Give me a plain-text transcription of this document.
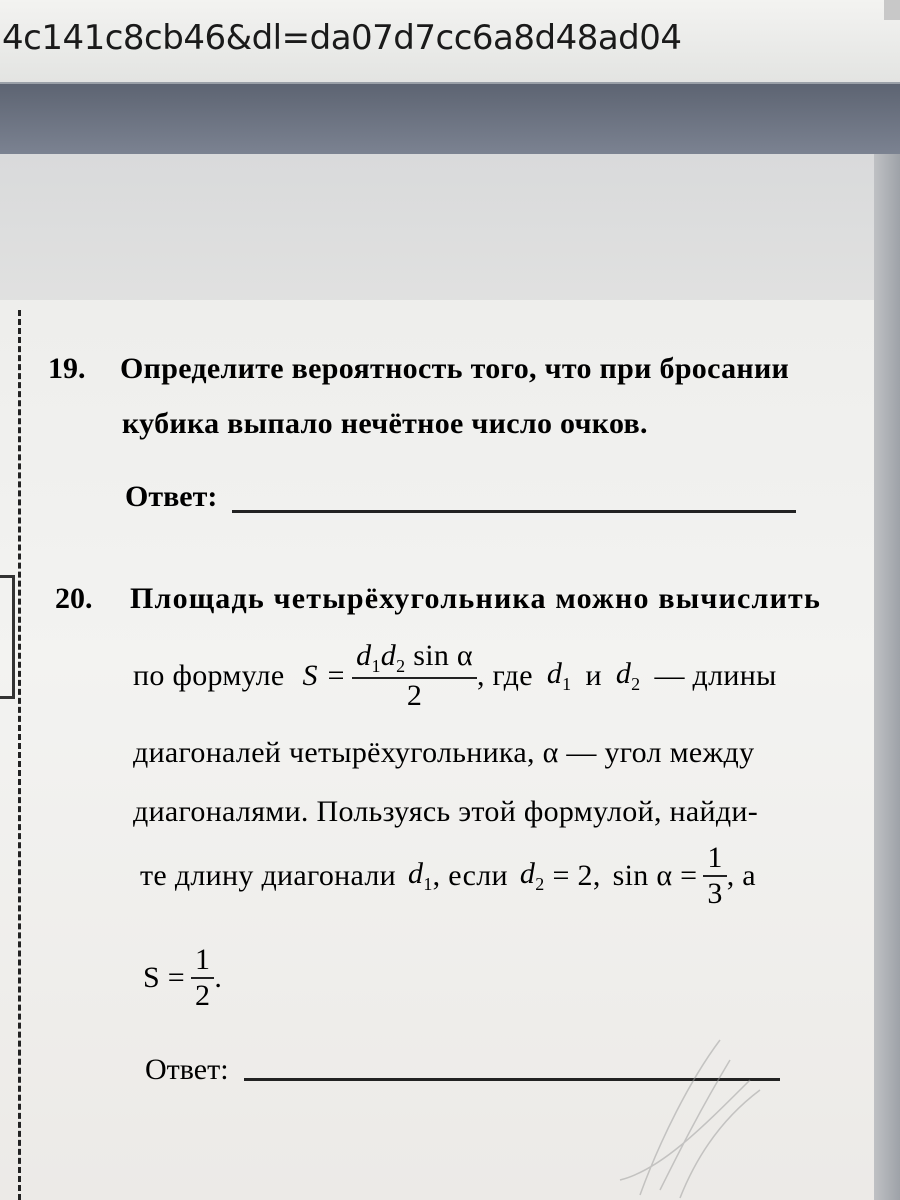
4c141c8cb46&dl=da07d7cc6a8d48ad04
19. Определите вероятность того, что при бросании
кубика выпало нечётное число очков.
Ответ:
20. Площадь четырёхугольника можно вычислить
по формуле $S = \frac{d_1d_2 \sin \alpha}{2}$ , где $d_1$ и $d_2$ — длины
диагоналей четырёхугольника, α — угол между
диагоналями. Пользуясь этой формулой, найди-
те длину диагонали $d_1$ , если $d_2 = 2$, $\sin \alpha = \frac{1}{3}$ , а
$S = \frac{1}{2}$ .
Ответ:
